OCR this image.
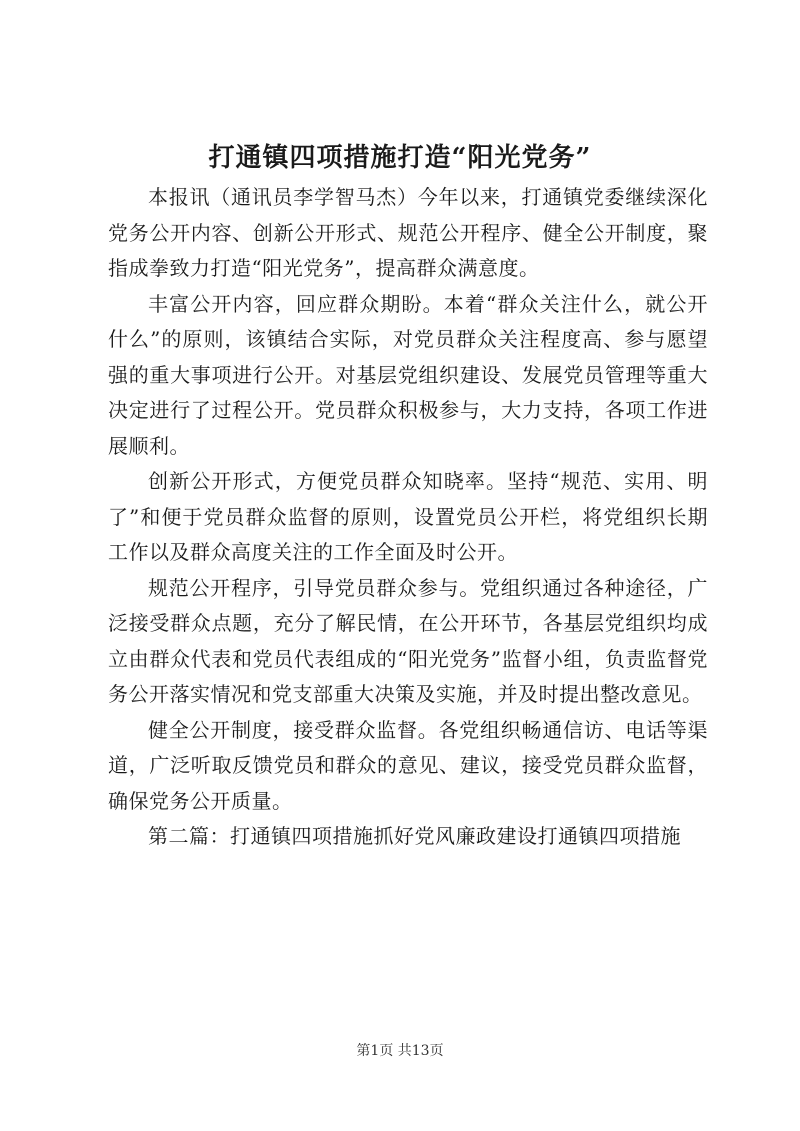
打通镇四项措施打造“阳光党务”

本报讯（通讯员李学智马杰）今年以来，打通镇党委继续深化党务公开内容、创新公开形式、规范公开程序、健全公开制度，聚指成拳致力打造“阳光党务”，提高群众满意度。

丰富公开内容，回应群众期盼。本着“群众关注什么，就公开什么”的原则，该镇结合实际，对党员群众关注程度高、参与愿望强的重大事项进行公开。对基层党组织建设、发展党员管理等重大决定进行了过程公开。党员群众积极参与，大力支持，各项工作进展顺利。

创新公开形式，方便党员群众知晓率。坚持“规范、实用、明了”和便于党员群众监督的原则，设置党员公开栏，将党组织长期工作以及群众高度关注的工作全面及时公开。

规范公开程序，引导党员群众参与。党组织通过各种途径，广泛接受群众点题，充分了解民情，在公开环节，各基层党组织均成立由群众代表和党员代表组成的“阳光党务”监督小组，负责监督党务公开落实情况和党支部重大决策及实施，并及时提出整改意见。

健全公开制度，接受群众监督。各党组织畅通信访、电话等渠道，广泛听取反馈党员和群众的意见、建议，接受党员群众监督，确保党务公开质量。

第二篇：打通镇四项措施抓好党风廉政建设打通镇四项措施

第1页 共13页
